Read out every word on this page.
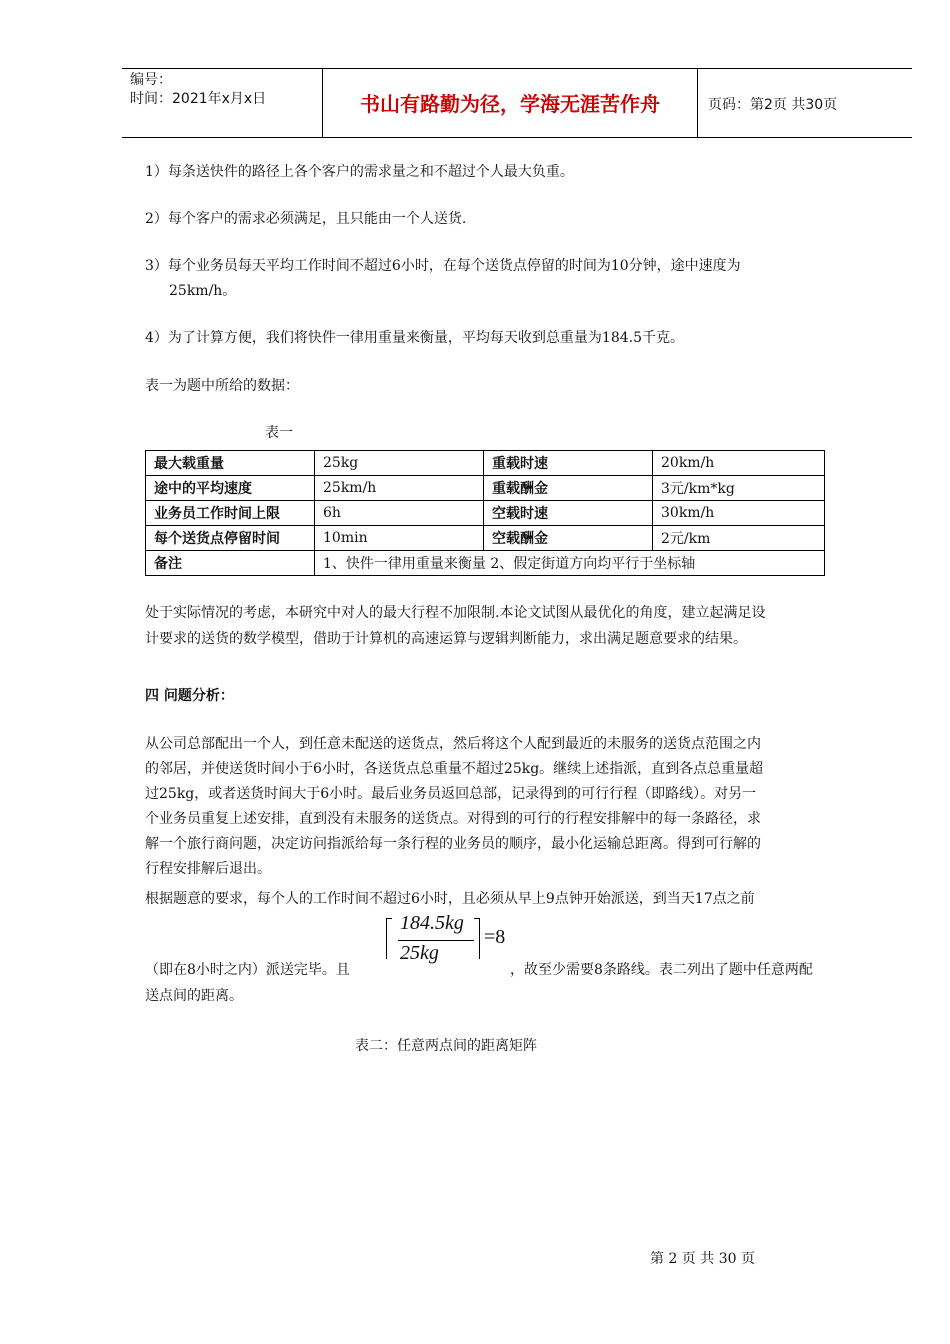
编号：
时间：2021年x月x日	书山有路勤为径，学海无涯苦作舟	页码：第2页 共30页
1）每条送快件的路径上各个客户的需求量之和不超过个人最大负重。
2）每个客户的需求必须满足，且只能由一个人送货.
3）每个业务员每天平均工作时间不超过6小时，在每个送货点停留的时间为10分钟，途中速度为
25km/h。
4）为了计算方便，我们将快件一律用重量来衡量，平均每天收到总重量为184.5千克。
表一为题中所给的数据：
表一
最大载重量	25kg	重载时速	20km/h
途中的平均速度	25km/h	重载酬金	3元/km*kg
业务员工作时间上限	6h	空载时速	30km/h
每个送货点停留时间	10min	空载酬金	2元/km
备注	1、快件一律用重量来衡量 2、假定街道方向均平行于坐标轴		
处于实际情况的考虑，本研究中对人的最大行程不加限制.本论文试图从最优化的角度，建立起满足设
计要求的送货的数学模型，借助于计算机的高速运算与逻辑判断能力，求出满足题意要求的结果。
四 问题分析：
从公司总部配出一个人，到任意未配送的送货点，然后将这个人配到最近的未服务的送货点范围之内
的邻居，并使送货时间小于6小时，各送货点总重量不超过25kg。继续上述指派，直到各点总重量超
过25kg，或者送货时间大于6小时。最后业务员返回总部，记录得到的可行行程（即路线）。对另一
个业务员重复上述安排，直到没有未服务的送货点。对得到的可行的行程安排解中的每一条路径，求
解一个旅行商问题，决定访问指派给每一条行程的业务员的顺序，最小化运输总距离。得到可行解的
行程安排解后退出。
根据题意的要求，每个人的工作时间不超过6小时，且必须从早上9点钟开始派送，到当天17点之前
184.5kg
25kg
=8
（即在8小时之内）派送完毕。且	，故至少需要8条路线。表二列出了题中任意两配
送点间的距离。
表二：任意两点间的距离矩阵
第 2 页 共 30 页
